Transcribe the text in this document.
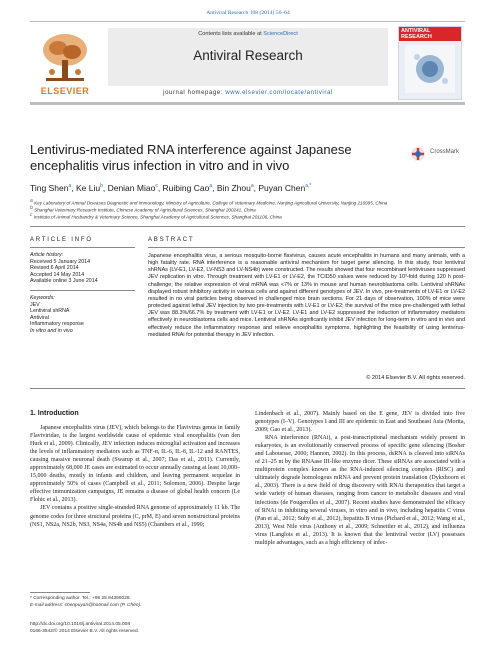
Antiviral Research 108 (2014) 56–64
ELSEVIER
Contents lists available at ScienceDirect
Antiviral Research
journal homepage: www.elsevier.com/locate/antiviral
ANTIVIRAL RESEARCH
Lentivirus-mediated RNA interference against Japanese encephalitis virus infection in vitro and in vivo
CrossMark
Ting Shen$^a$, Ke Liu$^b$, Denian Miao$^c$, Ruibing Cao$^a$, Bin Zhou$^a$, Puyan Chen$^{a,*}$
a Key Laboratory of Animal Diseases Diagnostic and Immunology, Ministry of Agriculture, College of Veterinary Medicine, Nanjing Agricultural University, Nanjing 210095, China
b Shanghai Veterinary Research Institute, Chinese Academy of Agricultural Sciences, Shanghai 200241, China
c Institute of Animal Husbandry & Veterinary Science, Shanghai Academy of Agricultural Sciences, Shanghai 201106, China
ARTICLE INFO
Article history:
Received 5 January 2014
Revised 6 April 2014
Accepted 14 May 2014
Available online 3 June 2014
Keywords:
JEV
Lentiviral shRNA
Antiviral
Inflammatory response
In vitro and in vivo
ABSTRACT
Japanese encephalitis virus, a serious mosquito-borne flavivirus, causes acute encephalitis in humans and many animals, with a high fatality rate. RNA interference is a reasonable antiviral mechanism for target gene silencing. In this study, four lentiviral shRNAs (LV-E1, LV-E2, LV-NS3 and LV-NS4b) were constructed. The results showed that four recombinant lentiviruses suppressed JEV replication in vitro. Through treatment with LV-E1 or LV-E2, the TCID50 values were reduced by 10³-fold during 120 h post-challenge; the relative expression of viral mRNA was <7% or 13% in mouse and human neuroblastoma cells. Lentiviral shRNAs displayed robust inhibitory activity in various cells and against different genotypes of JEV. In vivo, pre-treatments of LV-E1 or LV-E2 resulted in no viral particles being observed in challenged mice brain sections. For 21 days of observation, 100% of mice were protected against lethal JEV injection by two pre-treatments with LV-E1 or LV-E2; the survival of the mice pre-challenged with lethal JEV was 88.3%/66.7% by treatment with LV-E1 or LV-E2. LV-E1 and LV-E2 suppressed the induction of inflammatory mediators effectively in neuroblastoma cells and mice. Lentiviral shRNAs significantly inhibit JEV infection for long-term in vitro and in vivo and effectively reduce the inflammatory response and relieve encephalitis symptoms, highlighting the feasibility of using lentivirus-mediated RNAi for potential therapy in JEV infection.
© 2014 Elsevier B.V. All rights reserved.
1. Introduction

Japanese encephalitis virus (JEV), which belongs to the Flavivirus genus in family Flaviviridae, is the largest worldwide cause of epidemic viral encephalitis (van den Hurk et al., 2009). Clinically, JEV infection induces microglial activation and increases the levels of inflammatory mediators such as TNF-α, IL-6, IL-8, IL-12 and RANTES, causing massive neuronal death (Swarup et al., 2007; Das et al., 2011). Currently, approximately 68,000 JE cases are estimated to occur annually causing at least 10,000–15,000 deaths, mostly in infants and children, and leaving permanent sequelae in approximately 50% of cases (Campbell et al., 2011; Solomon, 2006). Despite large effective immunization campaigns, JE remains a disease of global health concern (Le Flohic et al., 2013).

JEV contains a positive single-stranded RNA genome of approximately 11 kb. The genome codes for three structural proteins (C, prM, E) and seven nonstructural proteins (NS1, NS2a, NS2b, NS3, NS4a, NS4b and NS5) (Chambers et al., 1990;

Lindenbach et al., 2007). Mainly based on the E gene, JEV is divided into five genotypes (I–V). Genotypes I and III are epidemic in East and Southeast Asia (Morita, 2009; Gao et al., 2013).

RNA interference (RNAi), a post-transcriptional mechanism widely present in eukaryotes, is an evolutionarily conserved process of specific gene silencing (Bosher and Labouesse, 2000; Hannon, 2002). In this process, dsRNA is cleaved into siRNAs of 21–25 nt by the RNAase III-like enzyme dicer. These siRNAs are associated with a multiprotein complex known as the RNA-induced silencing complex (RISC) and ultimately degrade homologous mRNA and prevent protein translation (Dykxhoorn et al., 2003). There is a new field of drug discovery with RNAi therapeutics that target a wide variety of human diseases, ranging from cancer to metabolic diseases and viral infections (de Fougerolles et al., 2007). Recent studies have demonstrated the efficacy of RNAi in inhibiting several viruses, in vitro and in vivo, including hepatitis C virus (Pan et al., 2012; Suhy et al., 2012), hepatitis B virus (Pichard et al., 2012; Wang et al., 2013), West Nile virus (Anthony et al., 2009; Schnettler et al., 2012), and influenza virus (Langlois et al., 2013). It is known that the lentiviral vector (LV) possesses multiple advantages, such as a high efficiency of infec-

* Corresponding author. Tel.: +86 25 84396028.
E-mail address: chenpuyan@hotmail.com (P. Chen).
http://dx.doi.org/10.1016/j.antiviral.2014.05.008
0166-3542/© 2014 Elsevier B.V. All rights reserved.
